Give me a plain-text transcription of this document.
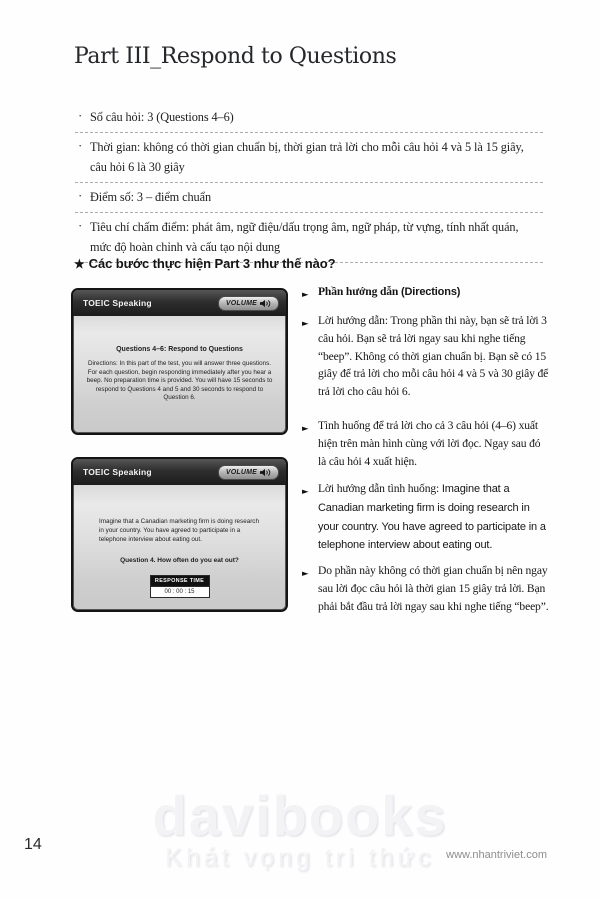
Part III_Respond to Questions
· Số câu hỏi: 3 (Questions 4–6)
· Thời gian: không có thời gian chuẩn bị, thời gian trả lời cho mỗi câu hỏi 4 và 5 là 15 giây, câu hỏi 6 là 30 giây
· Điểm số: 3 – điểm chuẩn
· Tiêu chí chấm điểm: phát âm, ngữ điệu/dấu trọng âm, ngữ pháp, từ vựng, tính nhất quán, mức độ hoàn chỉnh và cấu tạo nội dung
★ Các bước thực hiện Part 3 như thế nào?
TOEIC Speaking	VOLUME
Questions 4–6: Respond to Questions
Directions: In this part of the test, you will answer three questions. For each question, begin responding immediately after you hear a beep. No preparation time is provided. You will have 15 seconds to respond to Questions 4 and 5 and 30 seconds to respond to Question 6.
TOEIC Speaking	VOLUME
Imagine that a Canadian marketing firm is doing research in your country. You have agreed to participate in a telephone interview about eating out.
Question 4. How often do you eat out?
RESPONSE TIME
00 : 00 : 15
► Phần hướng dẫn (Directions)
► Lời hướng dẫn: Trong phần thi này, bạn sẽ trả lời 3 câu hỏi. Bạn sẽ trả lời ngay sau khi nghe tiếng “beep”. Không có thời gian chuẩn bị. Bạn sẽ có 15 giây để trả lời cho mỗi câu hỏi 4 và 5 và 30 giây để trả lời cho câu hỏi 6.
► Tình huống để trả lời cho cả 3 câu hỏi (4–6) xuất hiện trên màn hình cùng với lời đọc. Ngay sau đó là câu hỏi 4 xuất hiện.
► Lời hướng dẫn tình huống: Imagine that a Canadian marketing firm is doing research in your country. You have agreed to participate in a telephone interview about eating out.
► Do phần này không có thời gian chuẩn bị nên ngay sau lời đọc câu hỏi là thời gian 15 giây trả lời. Bạn phải bắt đầu trả lời ngay sau khi nghe tiếng “beep”.
14	davibooks
Khát vọng tri thức	www.nhantriviet.com
